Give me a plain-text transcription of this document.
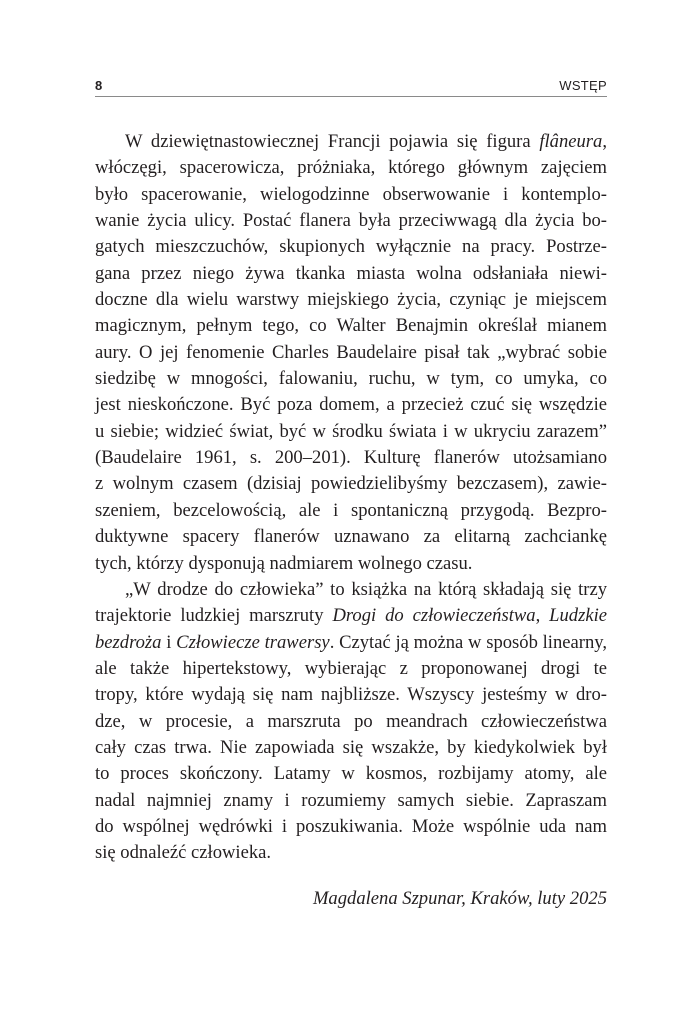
8	WSTĘP
W dziewiętnastowiecznej Francji pojawia się figura flâneura,
włóczęgi, spacerowicza, próżniaka, którego głównym zajęciem
było spacerowanie, wielogodzinne obserwowanie i kontemplo-
wanie życia ulicy. Postać flanera była przeciwwagą dla życia bo-
gatych mieszczuchów, skupionych wyłącznie na pracy. Postrze-
gana przez niego żywa tkanka miasta wolna odsłaniała niewi-
doczne dla wielu warstwy miejskiego życia, czyniąc je miejscem
magicznym, pełnym tego, co Walter Benajmin określał mianem
aury. O jej fenomenie Charles Baudelaire pisał tak „wybrać sobie
siedzibę w mnogości, falowaniu, ruchu, w tym, co umyka, co
jest nieskończone. Być poza domem, a przecież czuć się wszędzie
u siebie; widzieć świat, być w środku świata i w ukryciu zarazem”
(Baudelaire 1961, s. 200–201). Kulturę flanerów utożsamiano
z wolnym czasem (dzisiaj powiedzielibyśmy bezczasem), zawie-
szeniem, bezcelowością, ale i spontaniczną przygodą. Bezpro-
duktywne spacery flanerów uznawano za elitarną zachciankę
tych, którzy dysponują nadmiarem wolnego czasu.
„W drodze do człowieka” to książka na którą składają się trzy
trajektorie ludzkiej marszruty Drogi do człowieczeństwa, Ludzkie
bezdroża i Człowiecze trawersy. Czytać ją można w sposób linearny,
ale także hipertekstowy, wybierając z proponowanej drogi te
tropy, które wydają się nam najbliższe. Wszyscy jesteśmy w dro-
dze, w procesie, a marszruta po meandrach człowieczeństwa
cały czas trwa. Nie zapowiada się wszakże, by kiedykolwiek był
to proces skończony. Latamy w kosmos, rozbijamy atomy, ale
nadal najmniej znamy i rozumiemy samych siebie. Zapraszam
do wspólnej wędrówki i poszukiwania. Może wspólnie uda nam
się odnaleźć człowieka.
Magdalena Szpunar, Kraków, luty 2025
